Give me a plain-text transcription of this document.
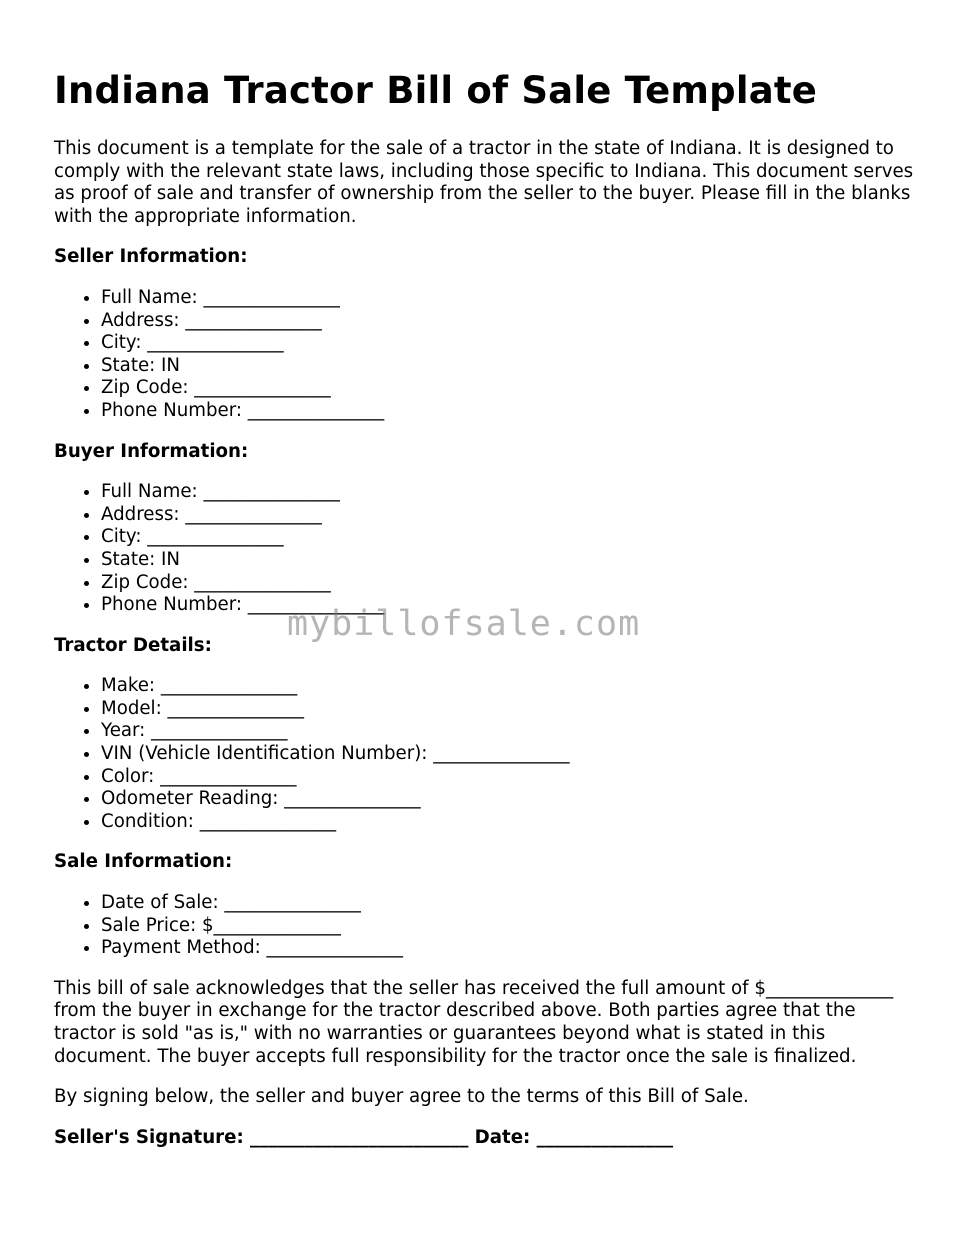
Indiana Tractor Bill of Sale Template

This document is a template for the sale of a tractor in the state of Indiana. It is designed to comply with the relevant state laws, including those specific to Indiana. This document serves as proof of sale and transfer of ownership from the seller to the buyer. Please fill in the blanks with the appropriate information.

Seller Information:
• Full Name: _______________
• Address: _______________
• City: _______________
• State: IN
• Zip Code: _______________
• Phone Number: _______________
Buyer Information:
• Full Name: _______________
• Address: _______________
• City: _______________
• State: IN
• Zip Code: _______________
• Phone Number: _______________
Tractor Details:
• Make: _______________
• Model: _______________
• Year: _______________
• VIN (Vehicle Identification Number): _______________
• Color: _______________
• Odometer Reading: _______________
• Condition: _______________
Sale Information:
• Date of Sale: _______________
• Sale Price: $______________
• Payment Method: _______________

This bill of sale acknowledges that the seller has received the full amount of $______________ from the buyer in exchange for the tractor described above. Both parties agree that the tractor is sold "as is," with no warranties or guarantees beyond what is stated in this document. The buyer accepts full responsibility for the tractor once the sale is finalized.

By signing below, the seller and buyer agree to the terms of this Bill of Sale.

Seller's Signature: ________________________ Date: _______________
mybillofsale.com
